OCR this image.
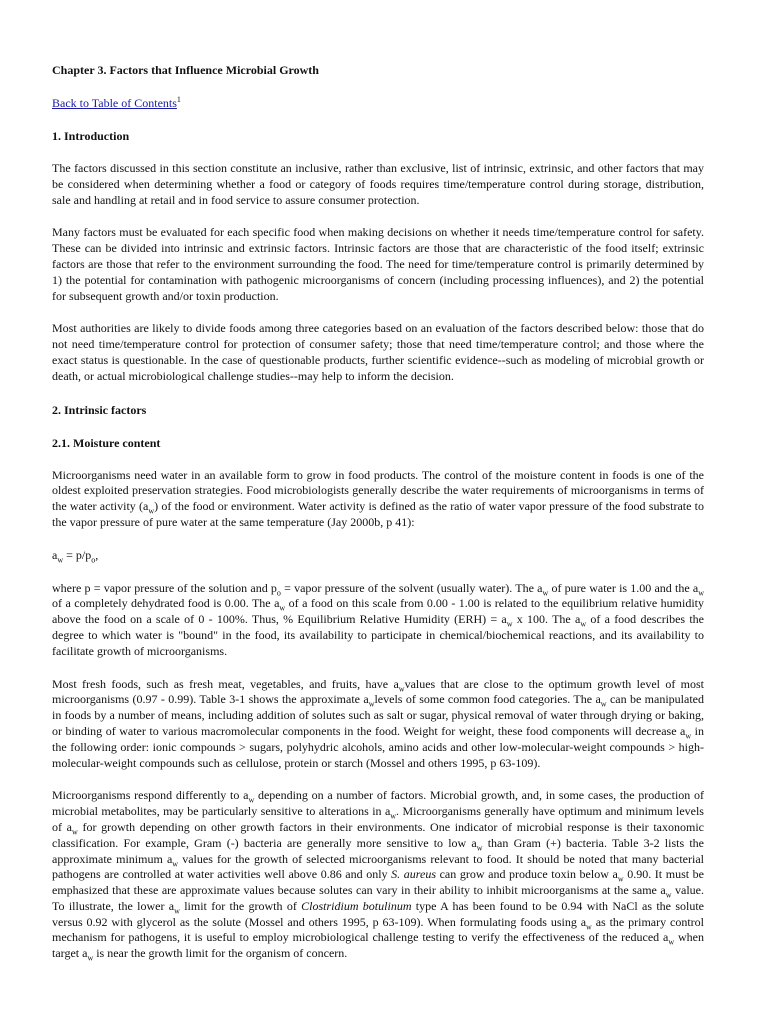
Chapter 3. Factors that Influence Microbial Growth
Back to Table of Contents$^1$
1. Introduction

The factors discussed in this section constitute an inclusive, rather than exclusive, list of intrinsic, extrinsic, and other factors that may be considered when determining whether a food or category of foods requires time/temperature control during storage, distribution, sale and handling at retail and in food service to assure consumer protection.

Many factors must be evaluated for each specific food when making decisions on whether it needs time/temperature control for safety. These can be divided into intrinsic and extrinsic factors. Intrinsic factors are those that are characteristic of the food itself; extrinsic factors are those that refer to the environment surrounding the food. The need for time/temperature control is primarily determined by 1) the potential for contamination with pathogenic microorganisms of concern (including processing influences), and 2) the potential for subsequent growth and/or toxin production.

Most authorities are likely to divide foods among three categories based on an evaluation of the factors described below: those that do not need time/temperature control for protection of consumer safety; those that need time/temperature control; and those where the exact status is questionable. In the case of questionable products, further scientific evidence--such as modeling of microbial growth or death, or actual microbiological challenge studies--may help to inform the decision.

2. Intrinsic factors
2.1. Moisture content

Microorganisms need water in an available form to grow in food products. The control of the moisture content in foods is one of the oldest exploited preservation strategies. Food microbiologists generally describe the water requirements of microorganisms in terms of the water activity $(a_w)$ of the food or environment. Water activity is defined as the ratio of water vapor pressure of the food substrate to the vapor pressure of pure water at the same temperature (Jay 2000b, p 41):

$a_w = p/p_o$,

where p = vapor pressure of the solution and $p_o$ = vapor pressure of the solvent (usually water). The $a_w$ of pure water is 1.00 and the $a_w$ of a completely dehydrated food is 0.00. The $a_w$ of a food on this scale from 0.00 - 1.00 is related to the equilibrium relative humidity above the food on a scale of 0 - 100%. Thus, % Equilibrium Relative Humidity $(ERH) = a_w$ x 100. The $a_w$ of a food describes the degree to which water is "bound" in the food, its availability to participate in chemical/biochemical reactions, and its availability to facilitate growth of microorganisms.

Most fresh foods, such as fresh meat, vegetables, and fruits, have $a_wvalues$ that are close to the optimum growth level of most microorganisms (0.97 - 0.99). Table 3-1 shows the approximate $a_wlevels$ of some common food categories. The $a_w$ can be manipulated in foods by a number of means, including addition of solutes such as salt or sugar, physical removal of water through drying or baking, or binding of water to various macromolecular components in the food. Weight for weight, these food components will decrease $a_w$ in the following order: ionic compounds > sugars, polyhydric alcohols, amino acids and other low-molecular-weight compounds > high-molecular-weight compounds such as cellulose, protein or starch (Mossel and others 1995, p 63-109).

Microorganisms respond differently to $a_w$ depending on a number of factors. Microbial growth, and, in some cases, the production of microbial metabolites, may be particularly sensitive to alterations in $a_w$. Microorganisms generally have optimum and minimum levels of $a_w$ for growth depending on other growth factors in their environments. One indicator of microbial response is their taxonomic classification. For example, Gram (-) bacteria are generally more sensitive to low $a_w$ than Gram (+) bacteria. Table 3-2 lists the approximate minimum $a_w$ values for the growth of selected microorganisms relevant to food. It should be noted that many bacterial pathogens are controlled at water activities well above 0.86 and only S. aureus can grow and produce toxin below $a_w$ 0.90. It must be emphasized that these are approximate values because solutes can vary in their ability to inhibit microorganisms at the same $a_w$ value. To illustrate, the lower $a_w$ limit for the growth of Clostridium botulinum type A has been found to be 0.94 with NaCl as the solute versus 0.92 with glycerol as the solute (Mossel and others 1995, p 63-109). When formulating foods using $a_w$ as the primary control mechanism for pathogens, it is useful to employ microbiological challenge testing to verify the effectiveness of the reduced $a_w$ when target $a_w$ is near the growth limit for the organism of concern.
